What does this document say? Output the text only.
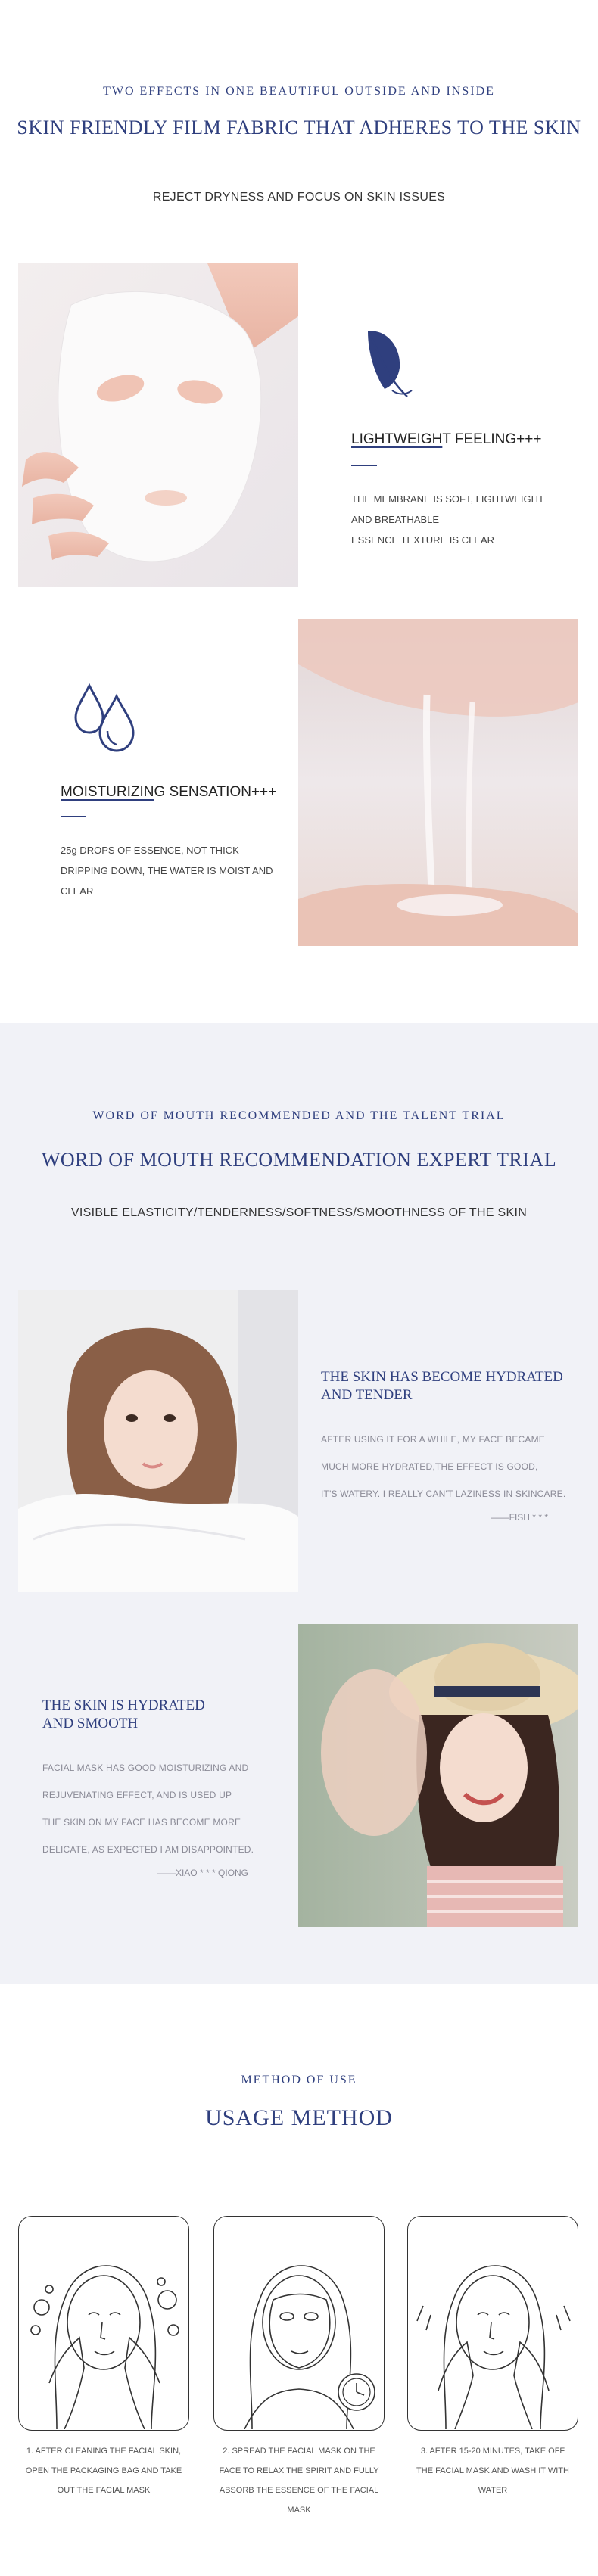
TWO EFFECTS IN ONE BEAUTIFUL OUTSIDE AND INSIDE
SKIN FRIENDLY FILM FABRIC THAT ADHERES TO THE SKIN
REJECT DRYNESS AND FOCUS ON SKIN ISSUES
LIGHTWEIGHT FEELING+++
THE MEMBRANE IS SOFT, LIGHTWEIGHT
AND BREATHABLE
ESSENCE TEXTURE IS CLEAR
MOISTURIZING SENSATION+++
25g DROPS OF ESSENCE, NOT THICK
DRIPPING DOWN, THE WATER IS MOIST AND CLEAR
WORD OF MOUTH RECOMMENDED AND THE TALENT TRIAL
WORD OF MOUTH RECOMMENDATION EXPERT TRIAL
VISIBLE ELASTICITY/TENDERNESS/SOFTNESS/SMOOTHNESS OF THE SKIN
THE SKIN HAS BECOME HYDRATED
AND TENDER
AFTER USING IT FOR A WHILE, MY FACE BECAME
MUCH MORE HYDRATED,THE EFFECT IS GOOD,
IT'S WATERY. I REALLY CAN'T LAZINESS IN SKINCARE.
——FISH * * *
THE SKIN IS HYDRATED
AND SMOOTH
FACIAL MASK HAS GOOD MOISTURIZING AND
REJUVENATING EFFECT, AND IS USED UP
THE SKIN ON MY FACE HAS BECOME MORE
DELICATE, AS EXPECTED I AM DISAPPOINTED.
——XIAO * * * QIONG
METHOD OF USE
USAGE METHOD
1. AFTER CLEANING THE FACIAL SKIN,
OPEN THE PACKAGING BAG AND TAKE
OUT THE FACIAL MASK
2. SPREAD THE FACIAL MASK ON THE
FACE TO RELAX THE SPIRIT AND FULLY
ABSORB THE ESSENCE OF THE FACIAL
MASK
3. AFTER 15-20 MINUTES, TAKE OFF
THE FACIAL MASK AND WASH IT WITH
WATER
